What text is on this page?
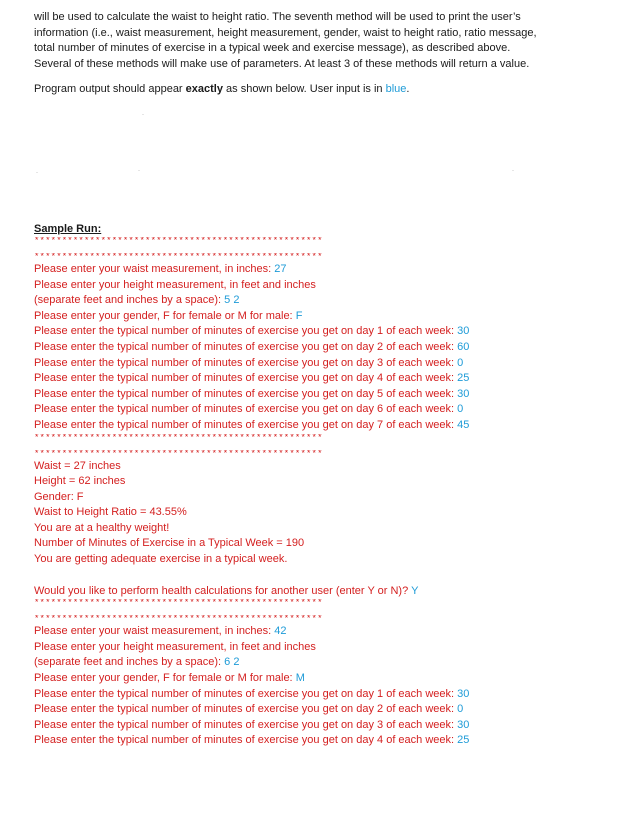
will be used to calculate the waist to height ratio. The seventh method will be used to print the user’s

information (i.e., waist measurement, height measurement, gender, waist to height ratio, ratio message,

total number of minutes of exercise in a typical week and exercise message), as described above.

Several of these methods will make use of parameters. At least 3 of these methods will return a value.

Program output should appear exactly as shown below. User input is in blue.

Sample Run:
****************************************************
****************************************************
Please enter your waist measurement, in inches: 27
Please enter your height measurement, in feet and inches
(separate feet and inches by a space): 5 2
Please enter your gender, F for female or M for male: F
Please enter the typical number of minutes of exercise you get on day 1 of each week: 30
Please enter the typical number of minutes of exercise you get on day 2 of each week: 60
Please enter the typical number of minutes of exercise you get on day 3 of each week: 0
Please enter the typical number of minutes of exercise you get on day 4 of each week: 25
Please enter the typical number of minutes of exercise you get on day 5 of each week: 30
Please enter the typical number of minutes of exercise you get on day 6 of each week: 0
Please enter the typical number of minutes of exercise you get on day 7 of each week: 45
****************************************************
****************************************************
Waist = 27 inches
Height = 62 inches
Gender: F
Waist to Height Ratio = 43.55%
You are at a healthy weight!
Number of Minutes of Exercise in a Typical Week = 190
You are getting adequate exercise in a typical week.
Would you like to perform health calculations for another user (enter Y or N)? Y
****************************************************
****************************************************
Please enter your waist measurement, in inches: 42
Please enter your height measurement, in feet and inches
(separate feet and inches by a space): 6 2
Please enter your gender, F for female or M for male: M
Please enter the typical number of minutes of exercise you get on day 1 of each week: 30
Please enter the typical number of minutes of exercise you get on day 2 of each week: 0
Please enter the typical number of minutes of exercise you get on day 3 of each week: 30
Please enter the typical number of minutes of exercise you get on day 4 of each week: 25
